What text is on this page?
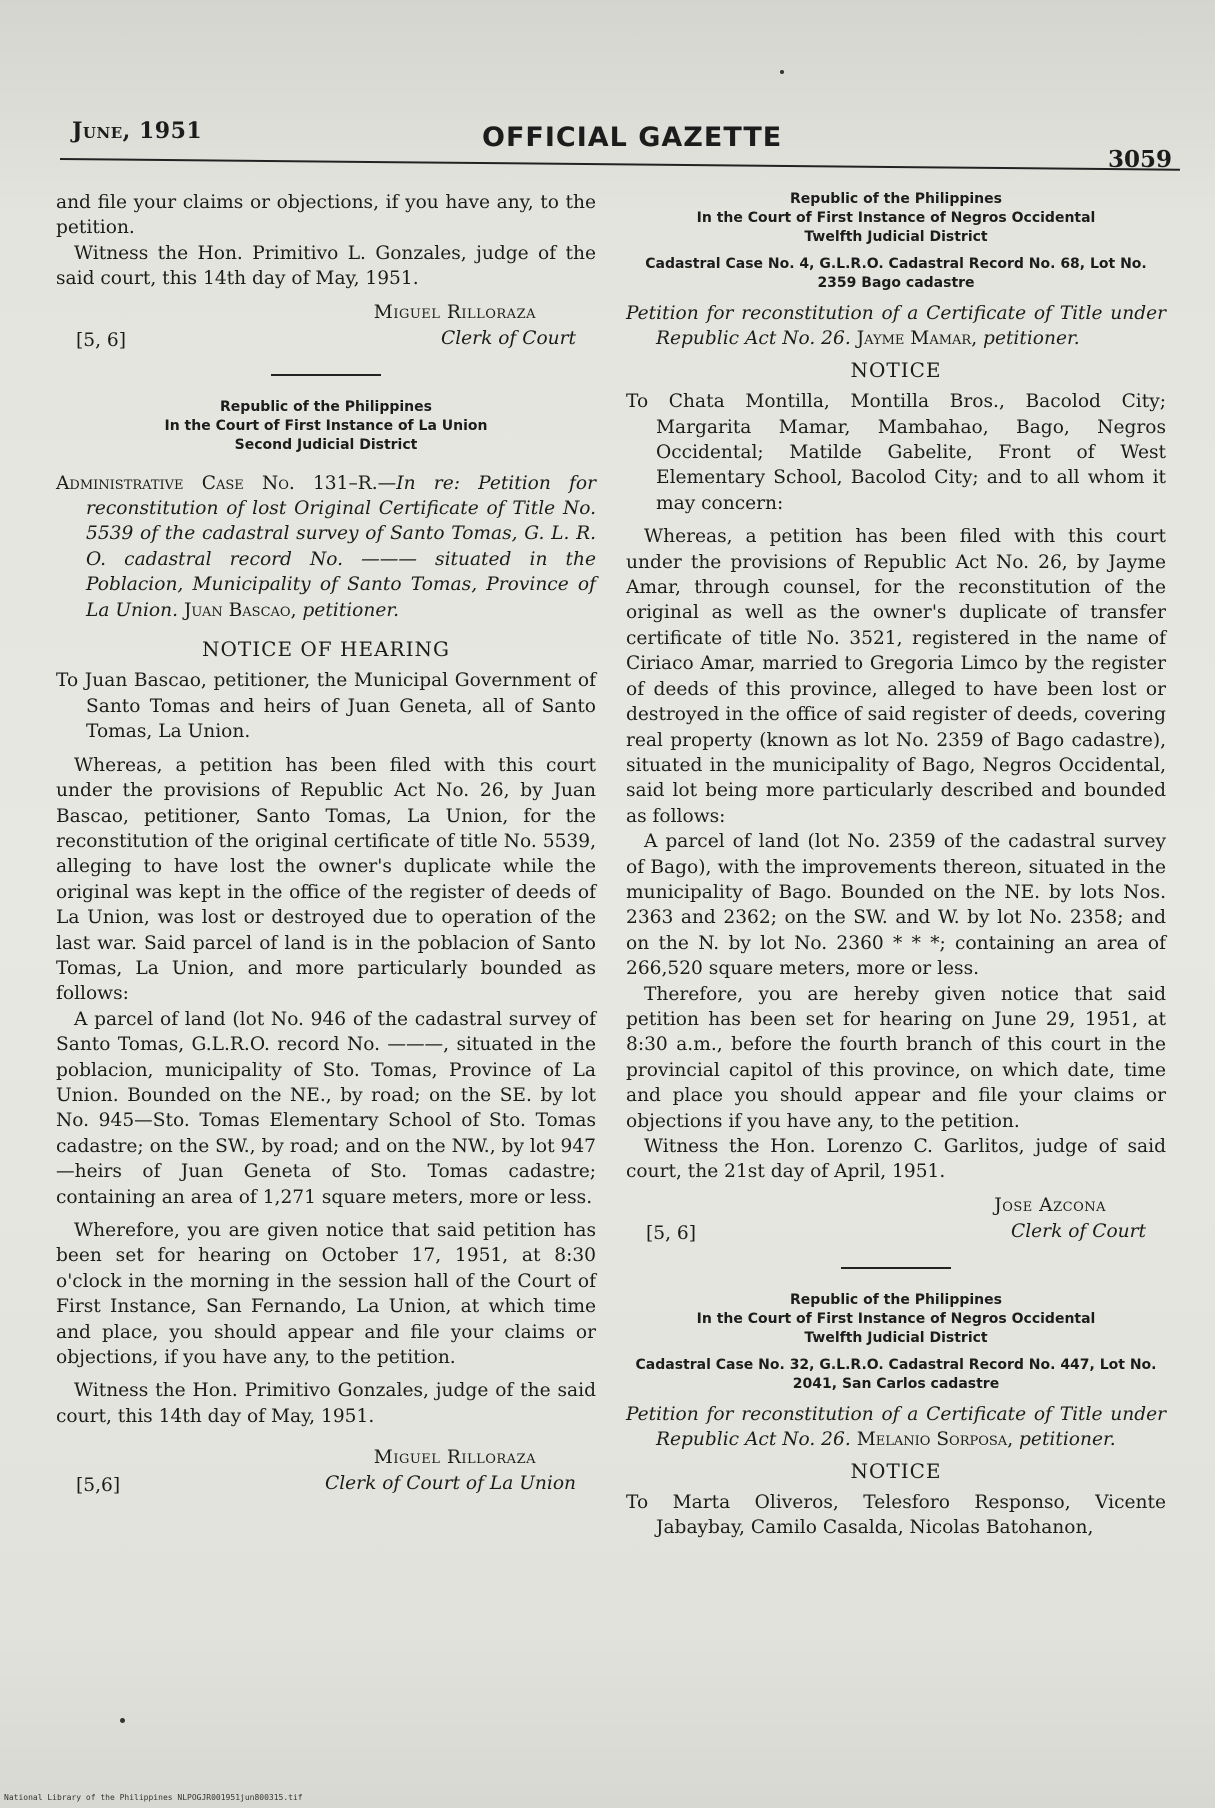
June, 1951	OFFICIAL GAZETTE
3059

and file your claims or objections, if you have any, to the petition.

Witness the Hon. Primitivo L. Gonzales, judge of the said court, this 14th day of May, 1951.

Miguel Rilloraza
[5, 6]	Clerk of Court
Republic of the Philippines
In the Court of First Instance of La Union
Second Judicial District

Administrative Case No. 131–R.—In re: Petition for reconstitution of lost Original Certificate of Title No. 5539 of the cadastral survey of Santo Tomas, G. L. R. O. cadastral record No. ——— situated in the Poblacion, Municipality of Santo Tomas, Province of La Union. Juan Bascao, petitioner.

NOTICE OF HEARING

To Juan Bascao, petitioner, the Municipal Government of Santo Tomas and heirs of Juan Geneta, all of Santo Tomas, La Union.

Whereas, a petition has been filed with this court under the provisions of Republic Act No. 26, by Juan Bascao, petitioner, Santo Tomas, La Union, for the reconstitution of the original certificate of title No. 5539, alleging to have lost the owner's duplicate while the original was kept in the office of the register of deeds of La Union, was lost or destroyed due to operation of the last war. Said parcel of land is in the poblacion of Santo Tomas, La Union, and more particularly bounded as follows:

A parcel of land (lot No. 946 of the cadastral survey of Santo Tomas, G.L.R.O. record No. ———, situated in the poblacion, municipality of Sto. Tomas, Province of La Union. Bounded on the NE., by road; on the SE. by lot No. 945—Sto. Tomas Elementary School of Sto. Tomas cadastre; on the SW., by road; and on the NW., by lot 947—heirs of Juan Geneta of Sto. Tomas cadastre; containing an area of 1,271 square meters, more or less.

Wherefore, you are given notice that said petition has been set for hearing on October 17, 1951, at 8:30 o'clock in the morning in the session hall of the Court of First Instance, San Fernando, La Union, at which time and place, you should appear and file your claims or objections, if you have any, to the petition.

Witness the Hon. Primitivo Gonzales, judge of the said court, this 14th day of May, 1951.

Miguel Rilloraza
[5,6]	Clerk of Court of La Union
Republic of the Philippines
In the Court of First Instance of Negros Occidental
Twelfth Judicial District
Cadastral Case No. 4, G.L.R.O. Cadastral Record No. 68, Lot No. 2359 Bago cadastre

Petition for reconstitution of a Certificate of Title under Republic Act No. 26. Jayme Mamar, petitioner.

NOTICE

To Chata Montilla, Montilla Bros., Bacolod City; Margarita Mamar, Mambahao, Bago, Negros Occidental; Matilde Gabelite, Front of West Elementary School, Bacolod City; and to all whom it may concern:

Whereas, a petition has been filed with this court under the provisions of Republic Act No. 26, by Jayme Amar, through counsel, for the reconstitution of the original as well as the owner's duplicate of transfer certificate of title No. 3521, registered in the name of Ciriaco Amar, married to Gregoria Limco by the register of deeds of this province, alleged to have been lost or destroyed in the office of said register of deeds, covering real property (known as lot No. 2359 of Bago cadastre), situated in the municipality of Bago, Negros Occidental, said lot being more particularly described and bounded as follows:

A parcel of land (lot No. 2359 of the cadastral survey of Bago), with the improvements thereon, situated in the municipality of Bago. Bounded on the NE. by lots Nos. 2363 and 2362; on the SW. and W. by lot No. 2358; and on the N. by lot No. 2360 * * *; containing an area of 266,520 square meters, more or less.

Therefore, you are hereby given notice that said petition has been set for hearing on June 29, 1951, at 8:30 a.m., before the fourth branch of this court in the provincial capitol of this province, on which date, time and place you should appear and file your claims or objections if you have any, to the petition.

Witness the Hon. Lorenzo C. Garlitos, judge of said court, the 21st day of April, 1951.

Jose Azcona
[5, 6]	Clerk of Court
Republic of the Philippines
In the Court of First Instance of Negros Occidental
Twelfth Judicial District
Cadastral Case No. 32, G.L.R.O. Cadastral Record No. 447, Lot No. 2041, San Carlos cadastre

Petition for reconstitution of a Certificate of Title under Republic Act No. 26. Melanio Sorposa, petitioner.

NOTICE

To Marta Oliveros, Telesforo Responso, Vicente Jabaybay, Camilo Casalda, Nicolas Batohanon,

National Library of the Philippines NLPOGJR001951jun800315.tif
